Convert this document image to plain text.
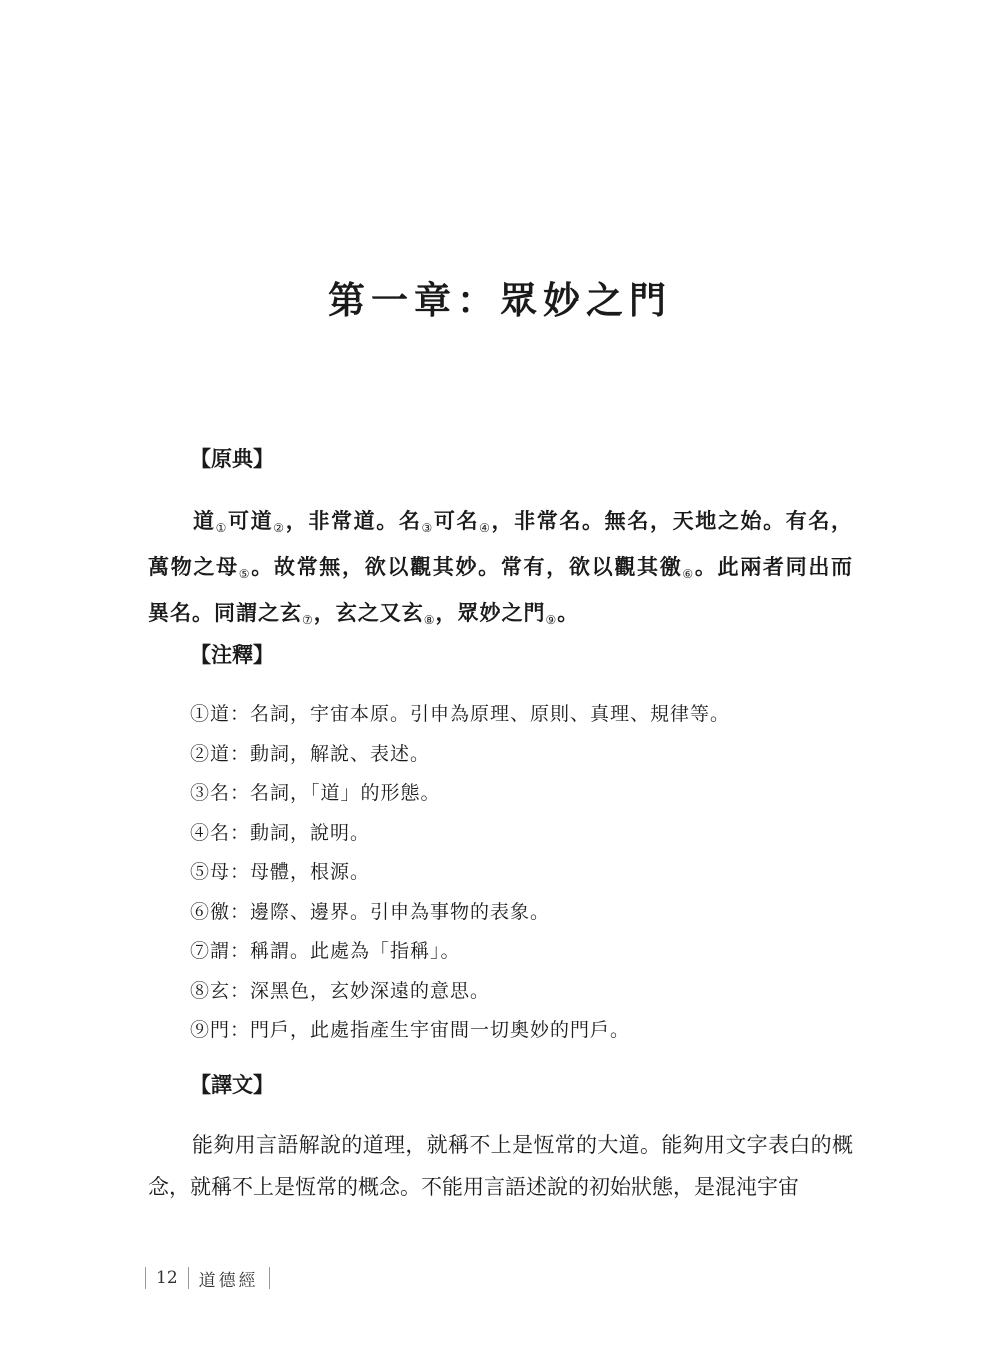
第一章：眾妙之門
【原典】

道$_①$可道$_②$，非常道。名$_③$可名$_④$，非常名。無名，天地之始。有名，萬物之母$_⑤$。故常無，欲以觀其妙。常有，欲以觀其徼$_⑥$。此兩者同出而異名。同謂之玄$_⑦$，玄之又玄$_⑧$，眾妙之門$_⑨$。

【注釋】
①道：名詞，宇宙本原。引申為原理、原則、真理、規律等。
②道：動詞，解說、表述。
③名：名詞，「道」的形態。
④名：動詞，說明。
⑤母：母體，根源。
⑥徼：邊際、邊界。引申為事物的表象。
⑦謂：稱謂。此處為「指稱」。
⑧玄：深黑色，玄妙深遠的意思。
⑨門：門戶，此處指產生宇宙間一切奧妙的門戶。
【譯文】

能夠用言語解說的道理，就稱不上是恆常的大道。能夠用文字表白的概念，就稱不上是恆常的概念。不能用言語述說的初始狀態，是混沌宇宙

12	道德經
